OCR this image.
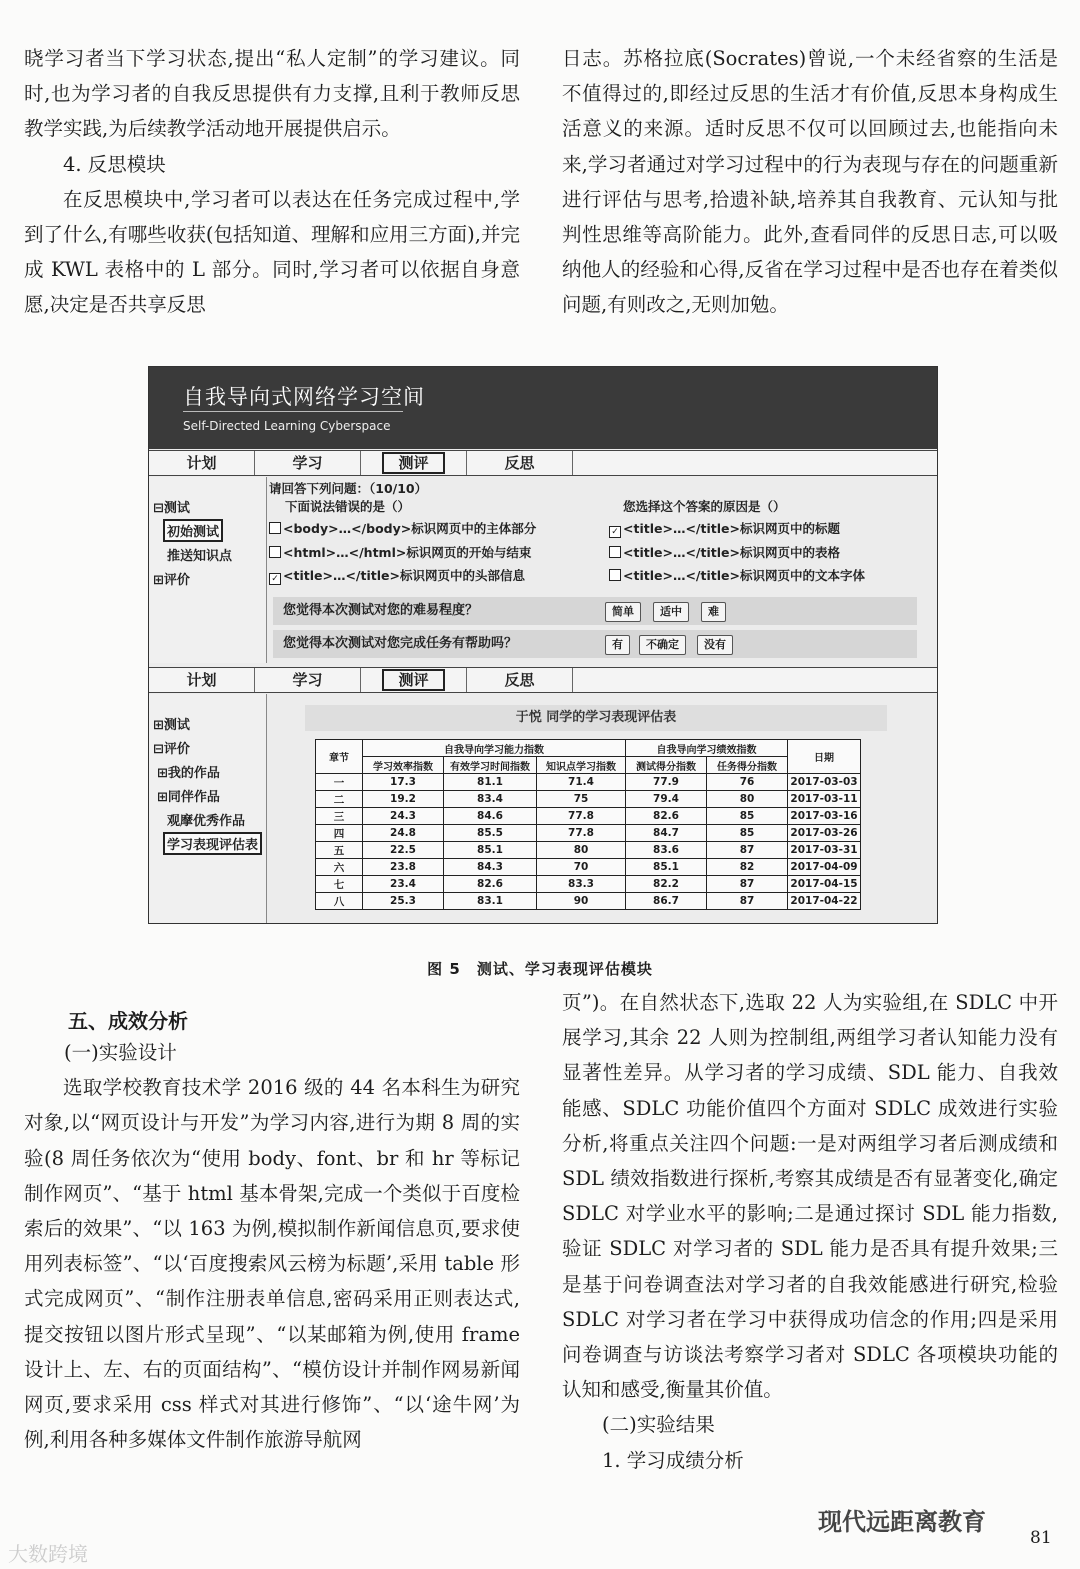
晓学习者当下学习状态,提出“私人定制”的学习建议。同时,也为学习者的自我反思提供有力支撑,且利于教师反思教学实践,为后续教学活动地开展提供启示。

4. 反思模块

在反思模块中,学习者可以表达在任务完成过程中,学到了什么,有哪些收获(包括知道、理解和应用三方面),并完成 KWL 表格中的 L 部分。同时,学习者可以依据自身意愿,决定是否共享反思

日志。苏格拉底(Socrates)曾说,一个未经省察的生活是不值得过的,即经过反思的生活才有价值,反思本身构成生活意义的来源。适时反思不仅可以回顾过去,也能指向未来,学习者通过对学习过程中的行为表现与存在的问题重新进行评估与思考,拾遗补缺,培养其自我教育、元认知与批判性思维等高阶能力。此外,查看同伴的反思日志,可以吸纳他人的经验和心得,反省在学习过程中是否也存在着类似问题,有则改之,无则加勉。

自我导向式网络学习空间
Self-Directed Learning Cyberspace
计划	学习	测评	反思
⊟测试
初始测试
推送知识点
⊞评价
请回答下列问题：（10/10）
下面说法错误的是（）
<body>…</body>标识网页中的主体部分
<html>…</html>标识网页的开始与结束
✓ <title>…</title>标识网页中的头部信息
您选择这个答案的原因是（）
✓ <title>…</title>标识网页中的标题
<title>…</title>标识网页中的表格
<title>…</title>标识网页中的文本字体
您觉得本次测试对您的难易程度？	简单	适中	难
您觉得本次测试对您完成任务有帮助吗？	有	不确定	没有
计划	学习	测评	反思
⊞测试
⊟评价
⊞我的作品
⊞同伴作品
观摩优秀作品
学习表现评估表
于悦 同学的学习表现评估表
章节	自我导向学习能力指数			自我导向学习绩效指数		日期
	学习效率指数	有效学习时间指数	知识点学习指数	测试得分指数	任务得分指数	
一	17.3	81.1	71.4	77.9	76	2017-03-03
二	19.2	83.4	75	79.4	80	2017-03-11
三	24.3	84.6	77.8	82.6	85	2017-03-16
四	24.8	85.5	77.8	84.7	85	2017-03-26
五	22.5	85.1	80	83.6	87	2017-03-31
六	23.8	84.3	70	85.1	82	2017-04-09
七	23.4	82.6	83.3	82.2	87	2017-04-15
八	25.3	83.1	90	86.7	87	2017-04-22
图 5　测试、学习表现评估模块

五、成效分析

(一)实验设计

选取学校教育技术学 2016 级的 44 名本科生为研究对象,以“网页设计与开发”为学习内容,进行为期 8 周的实验(8 周任务依次为“使用 body、font、br 和 hr 等标记制作网页”、“基于 html 基本骨架,完成一个类似于百度检索后的效果”、“以 163 为例,模拟制作新闻信息页,要求使用列表标签”、“以‘百度搜索风云榜为标题’,采用 table 形式完成网页”、“制作注册表单信息,密码采用正则表达式,提交按钮以图片形式呈现”、“以某邮箱为例,使用 frame 设计上、左、右的页面结构”、“模仿设计并制作网易新闻网页,要求采用 css 样式对其进行修饰”、“以‘途牛网’为例,利用各种多媒体文件制作旅游导航网

页”)。在自然状态下,选取 22 人为实验组,在 SDLC 中开展学习,其余 22 人则为控制组,两组学习者认知能力没有显著性差异。从学习者的学习成绩、SDL 能力、自我效能感、SDLC 功能价值四个方面对 SDLC 成效进行实验分析,将重点关注四个问题:一是对两组学习者后测成绩和 SDL 绩效指数进行探析,考察其成绩是否有显著变化,确定 SDLC 对学业水平的影响;二是通过探讨 SDL 能力指数,验证 SDLC 对学习者的 SDL 能力是否具有提升效果;三是基于问卷调查法对学习者的自我效能感进行研究,检验 SDLC 对学习者在学习中获得成功信念的作用;四是采用问卷调查与访谈法考察学习者对 SDLC 各项模块功能的认知和感受,衡量其价值。

(二)实验结果

1. 学习成绩分析

现代远距离教育
大数跨境
81
